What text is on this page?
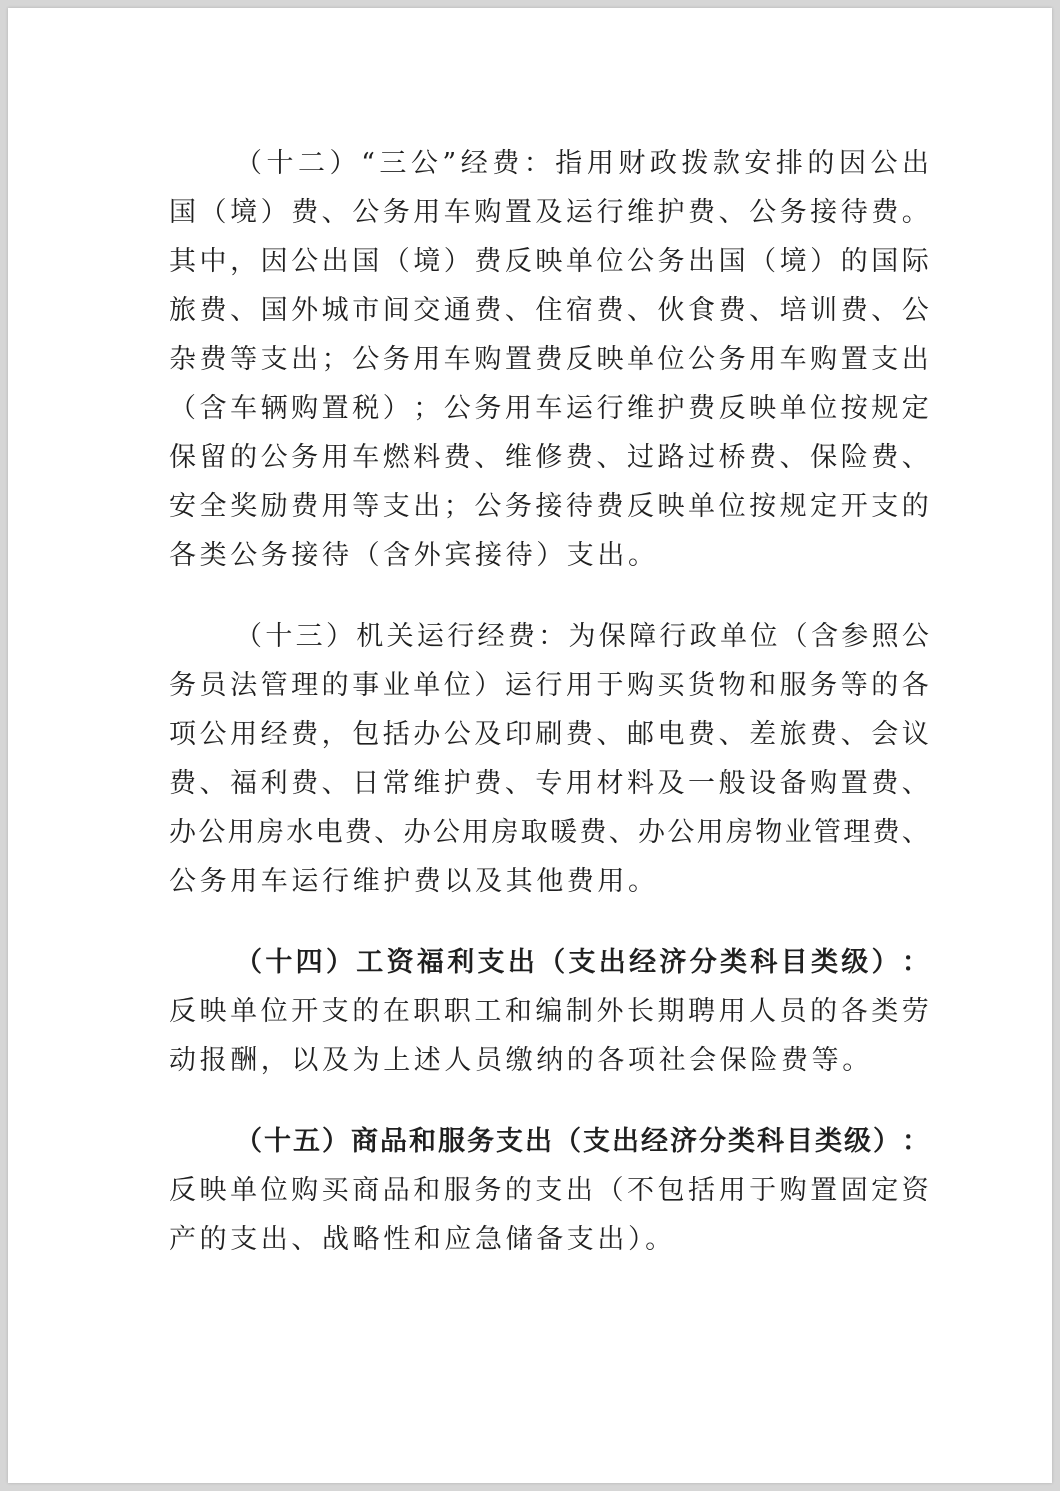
（ 十 二 ） “ 三 公 ” 经 费 ： 指 用 财 政 拨 款 安 排 的 因 公 出
国 （ 境 ） 费 、 公 务 用 车 购 置 及 运 行 维 护 费 、 公 务 接 待 费 。
其 中 ， 因 公 出 国 （ 境 ） 费 反 映 单 位 公 务 出 国 （ 境 ） 的 国 际
旅 费 、 国 外 城 市 间 交 通 费 、 住 宿 费 、 伙 食 费 、 培 训 费 、 公
杂 费 等 支 出 ； 公 务 用 车 购 置 费 反 映 单 位 公 务 用 车 购 置 支 出
（ 含 车 辆 购 置 税 ） ； 公 务 用 车 运 行 维 护 费 反 映 单 位 按 规 定
保 留 的 公 务 用 车 燃 料 费 、 维 修 费 、 过 路 过 桥 费 、 保 险 费 、
安 全 奖 励 费 用 等 支 出 ； 公 务 接 待 费 反 映 单 位 按 规 定 开 支 的
各类公务接待（含外宾接待）支出。
（ 十 三 ） 机 关 运 行 经 费 ： 为 保 障 行 政 单 位 （ 含 参 照 公
务 员 法 管 理 的 事 业 单 位 ） 运 行 用 于 购 买 货 物 和 服 务 等 的 各
项 公 用 经 费 ， 包 括 办 公 及 印 刷 费 、 邮 电 费 、 差 旅 费 、 会 议
费 、 福 利 费 、 日 常 维 护 费 、 专 用 材 料 及 一 般 设 备 购 置 费 、
办 公 用 房 水 电 费 、 办 公 用 房 取 暖 费 、 办 公 用 房 物 业 管 理 费 、
公务用车运行维护费以及其他费用。
（ 十 四 ） 工 资 福 利 支 出 （ 支 出 经 济 分 类 科 目 类 级 ） ：
反 映 单 位 开 支 的 在 职 职 工 和 编 制 外 长 期 聘 用 人 员 的 各 类 劳
动报酬，以及为上述人员缴纳的各项社会保险费等。
（ 十 五 ） 商 品 和 服 务 支 出 （ 支 出 经 济 分 类 科 目 类 级 ） ：
反 映 单 位 购 买 商 品 和 服 务 的 支 出 （ 不 包 括 用 于 购 置 固 定 资
产的支出、战略性和应急储备支出）。
